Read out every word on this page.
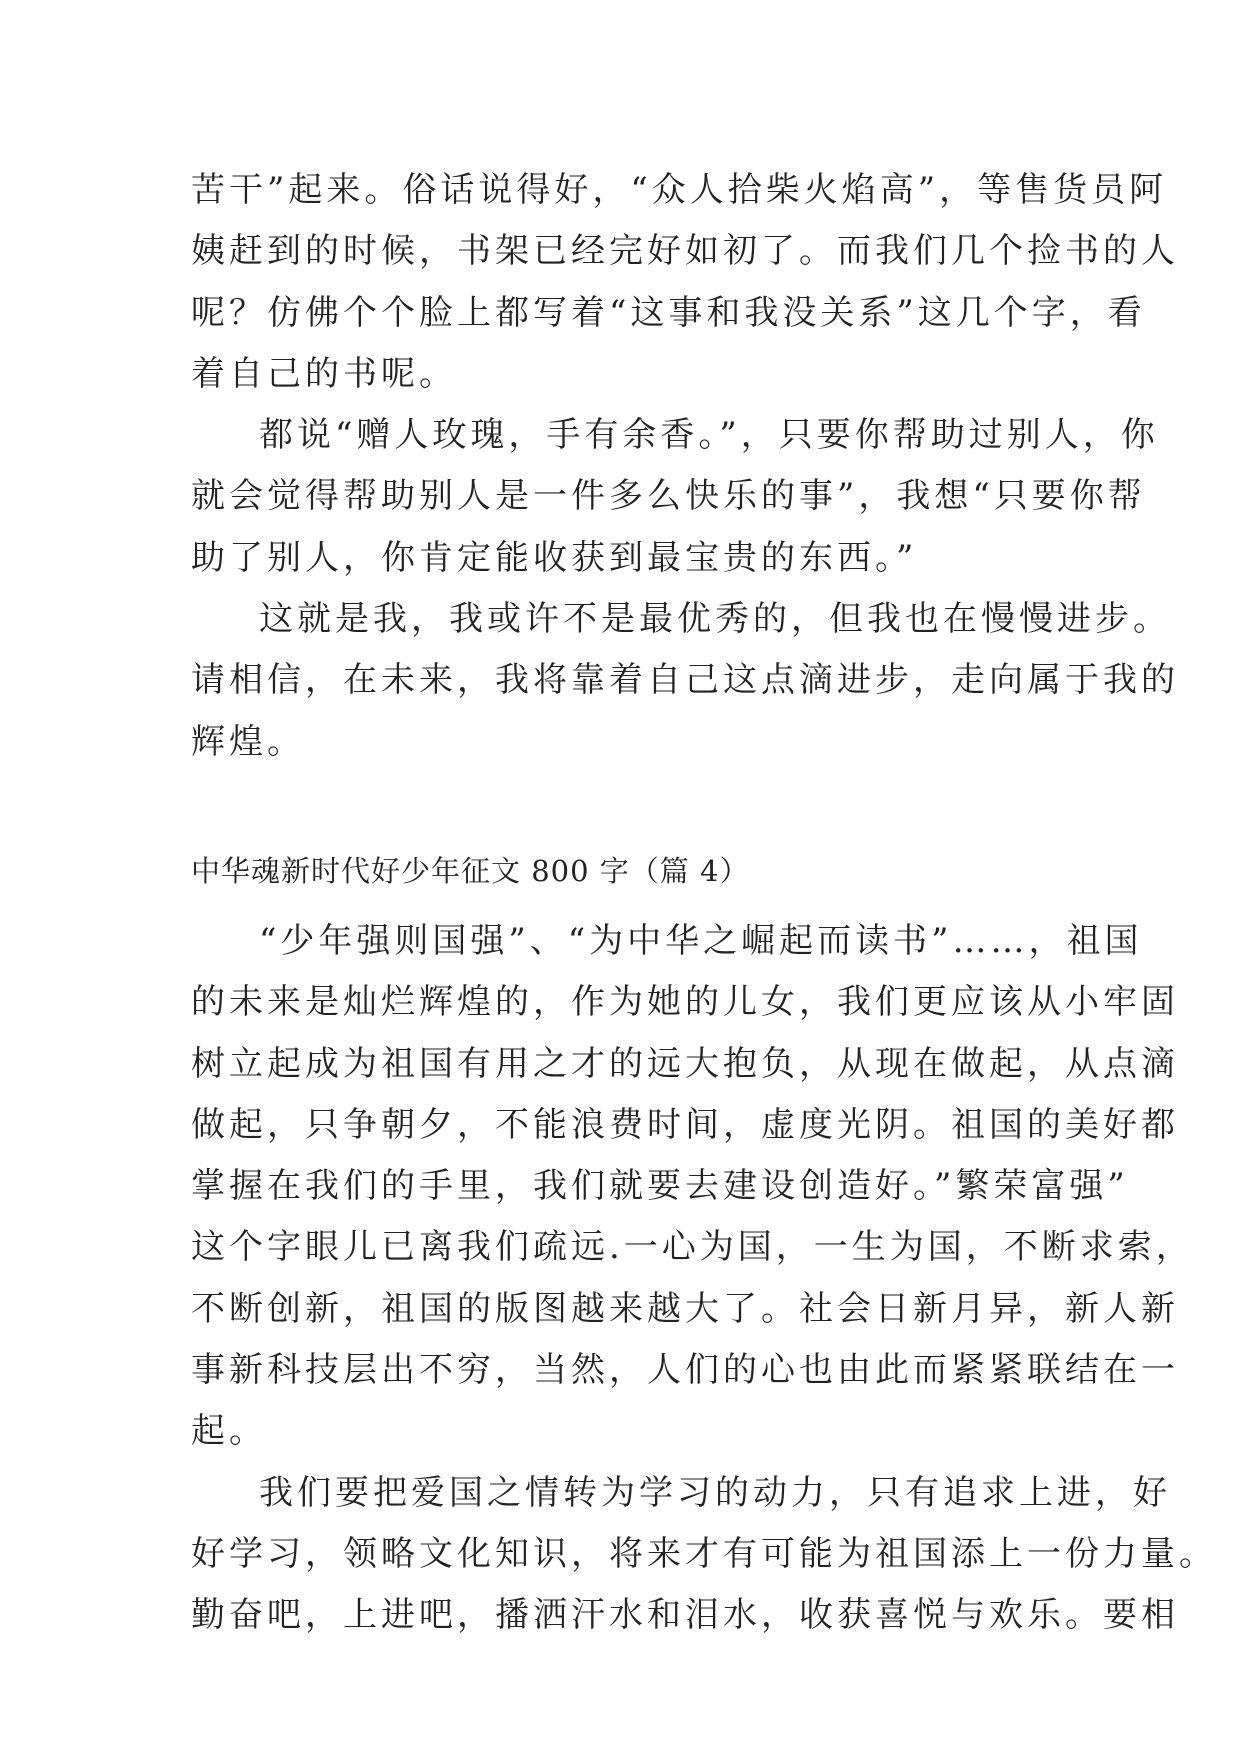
苦干”起来。俗话说得好，“众人拾柴火焰高”，等售货员阿
姨赶到的时候，书架已经完好如初了。而我们几个捡书的人
呢？仿佛个个脸上都写着“这事和我没关系”这几个字，看
着自己的书呢。
都说“赠人玫瑰，手有余香。”，只要你帮助过别人，你
就会觉得帮助别人是一件多么快乐的事”，我想“只要你帮
助了别人，你肯定能收获到最宝贵的东西。”
这就是我，我或许不是最优秀的，但我也在慢慢进步。
请相信，在未来，我将靠着自己这点滴进步，走向属于我的
辉煌。
中华魂新时代好少年征文 800 字（篇 4）
“少年强则国强”、“为中华之崛起而读书”……，祖国
的未来是灿烂辉煌的，作为她的儿女，我们更应该从小牢固
树立起成为祖国有用之才的远大抱负，从现在做起，从点滴
做起，只争朝夕，不能浪费时间，虚度光阴。祖国的美好都
掌握在我们的手里，我们就要去建设创造好。”繁荣富强”
这个字眼儿已离我们疏远.一心为国，一生为国，不断求索，
不断创新，祖国的版图越来越大了。社会日新月异，新人新
事新科技层出不穷，当然，人们的心也由此而紧紧联结在一
起。
我们要把爱国之情转为学习的动力，只有追求上进，好
好学习，领略文化知识，将来才有可能为祖国添上一份力量。
勤奋吧，上进吧，播洒汗水和泪水，收获喜悦与欢乐。要相
